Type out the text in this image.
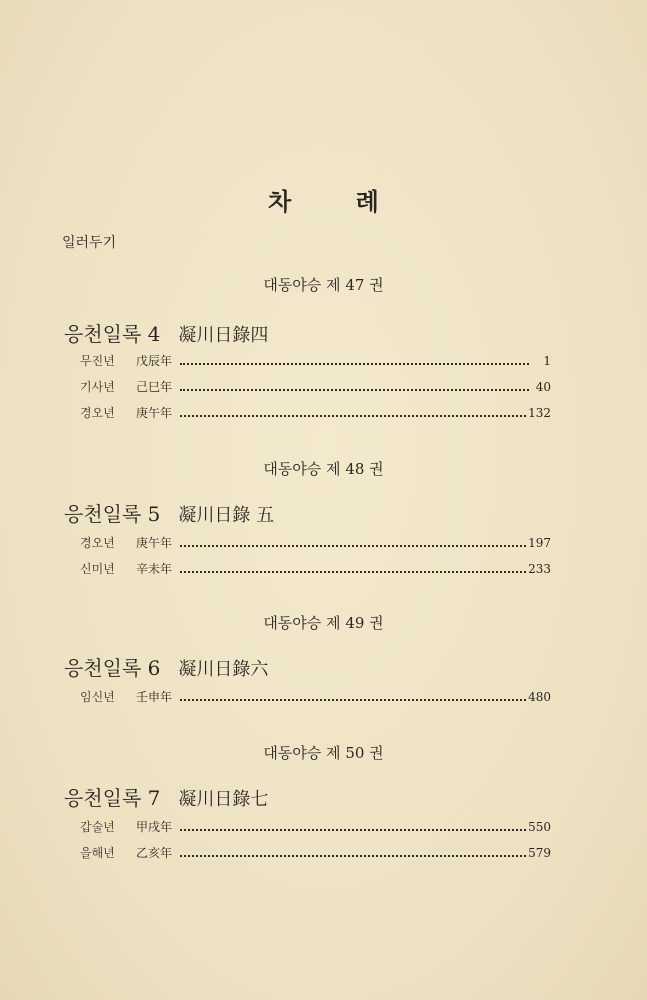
차 례
일러두기
대동야승 제 47 권
응천일록 4 凝川日錄四
무진년	戊辰年	1
기사년	己巳年	40
경오년	庚午年	132
대동야승 제 48 권
응천일록 5 凝川日錄 五
경오년	庚午年	197
신미년	辛未年	233
대동야승 제 49 권
응천일록 6 凝川日錄六
임신년	壬申年	480
대동야승 제 50 권
응천일록 7 凝川日錄七
갑술년	甲戌年	550
을해년	乙亥年	579
